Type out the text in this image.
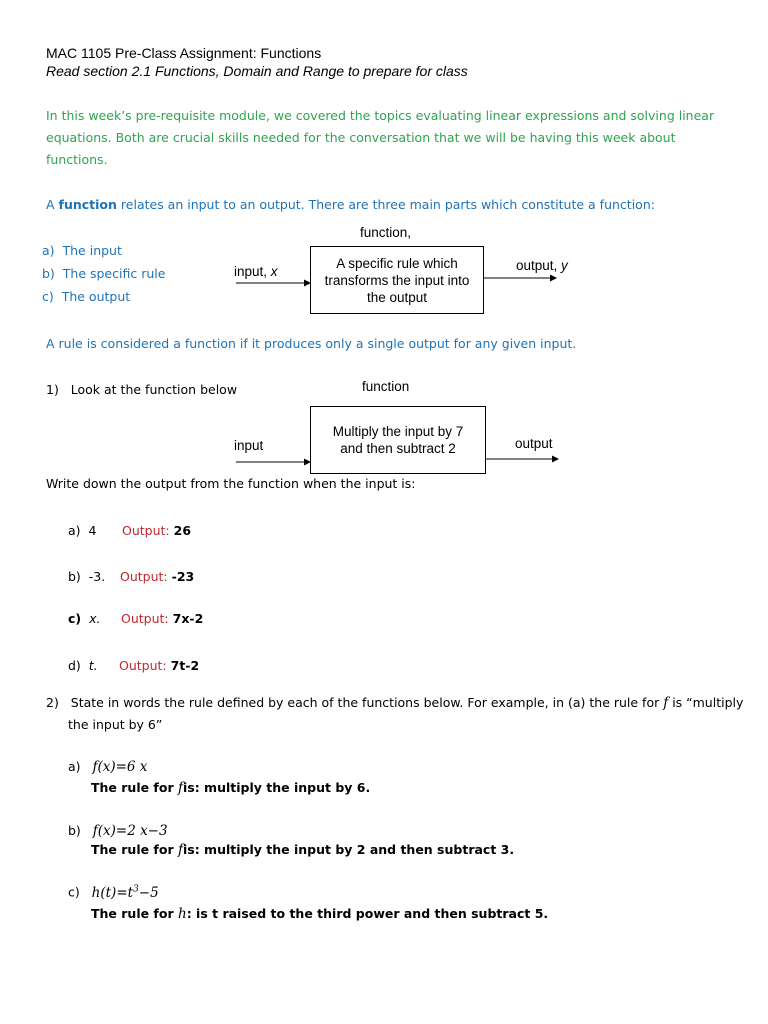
MAC 1105 Pre-Class Assignment: Functions
Read section 2.1 Functions, Domain and Range to prepare for class
In this week’s pre-requisite module, we covered the topics evaluating linear expressions and solving linear
equations. Both are crucial skills needed for the conversation that we will be having this week about
functions.
A function relates an input to an output. There are three main parts which constitute a function:
a) The input
b) The specific rule
c) The output
function,
A specific rule which
transforms the input into
the output
input, x	output, y
A rule is considered a function if it produces only a single output for any given input.
1) Look at the function below	function
Multiply the input by 7
and then subtract 2
input	output
Write down the output from the function when the input is:
a) 4 Output: 26
b) -3. Output: -23
c) x. Output: 7x-2
d) t. Output: 7t-2
2) State in words the rule defined by each of the functions below. For example, in (a) the rule for f is “multiply
the input by 6”
a) f(x)=6 x
The rule for fis: multiply the input by 6.
b) f(x)=2 x−3
The rule for fis: multiply the input by 2 and then subtract 3.
c) $h(t)=t^3-5$
The rule for h: is t raised to the third power and then subtract 5.
